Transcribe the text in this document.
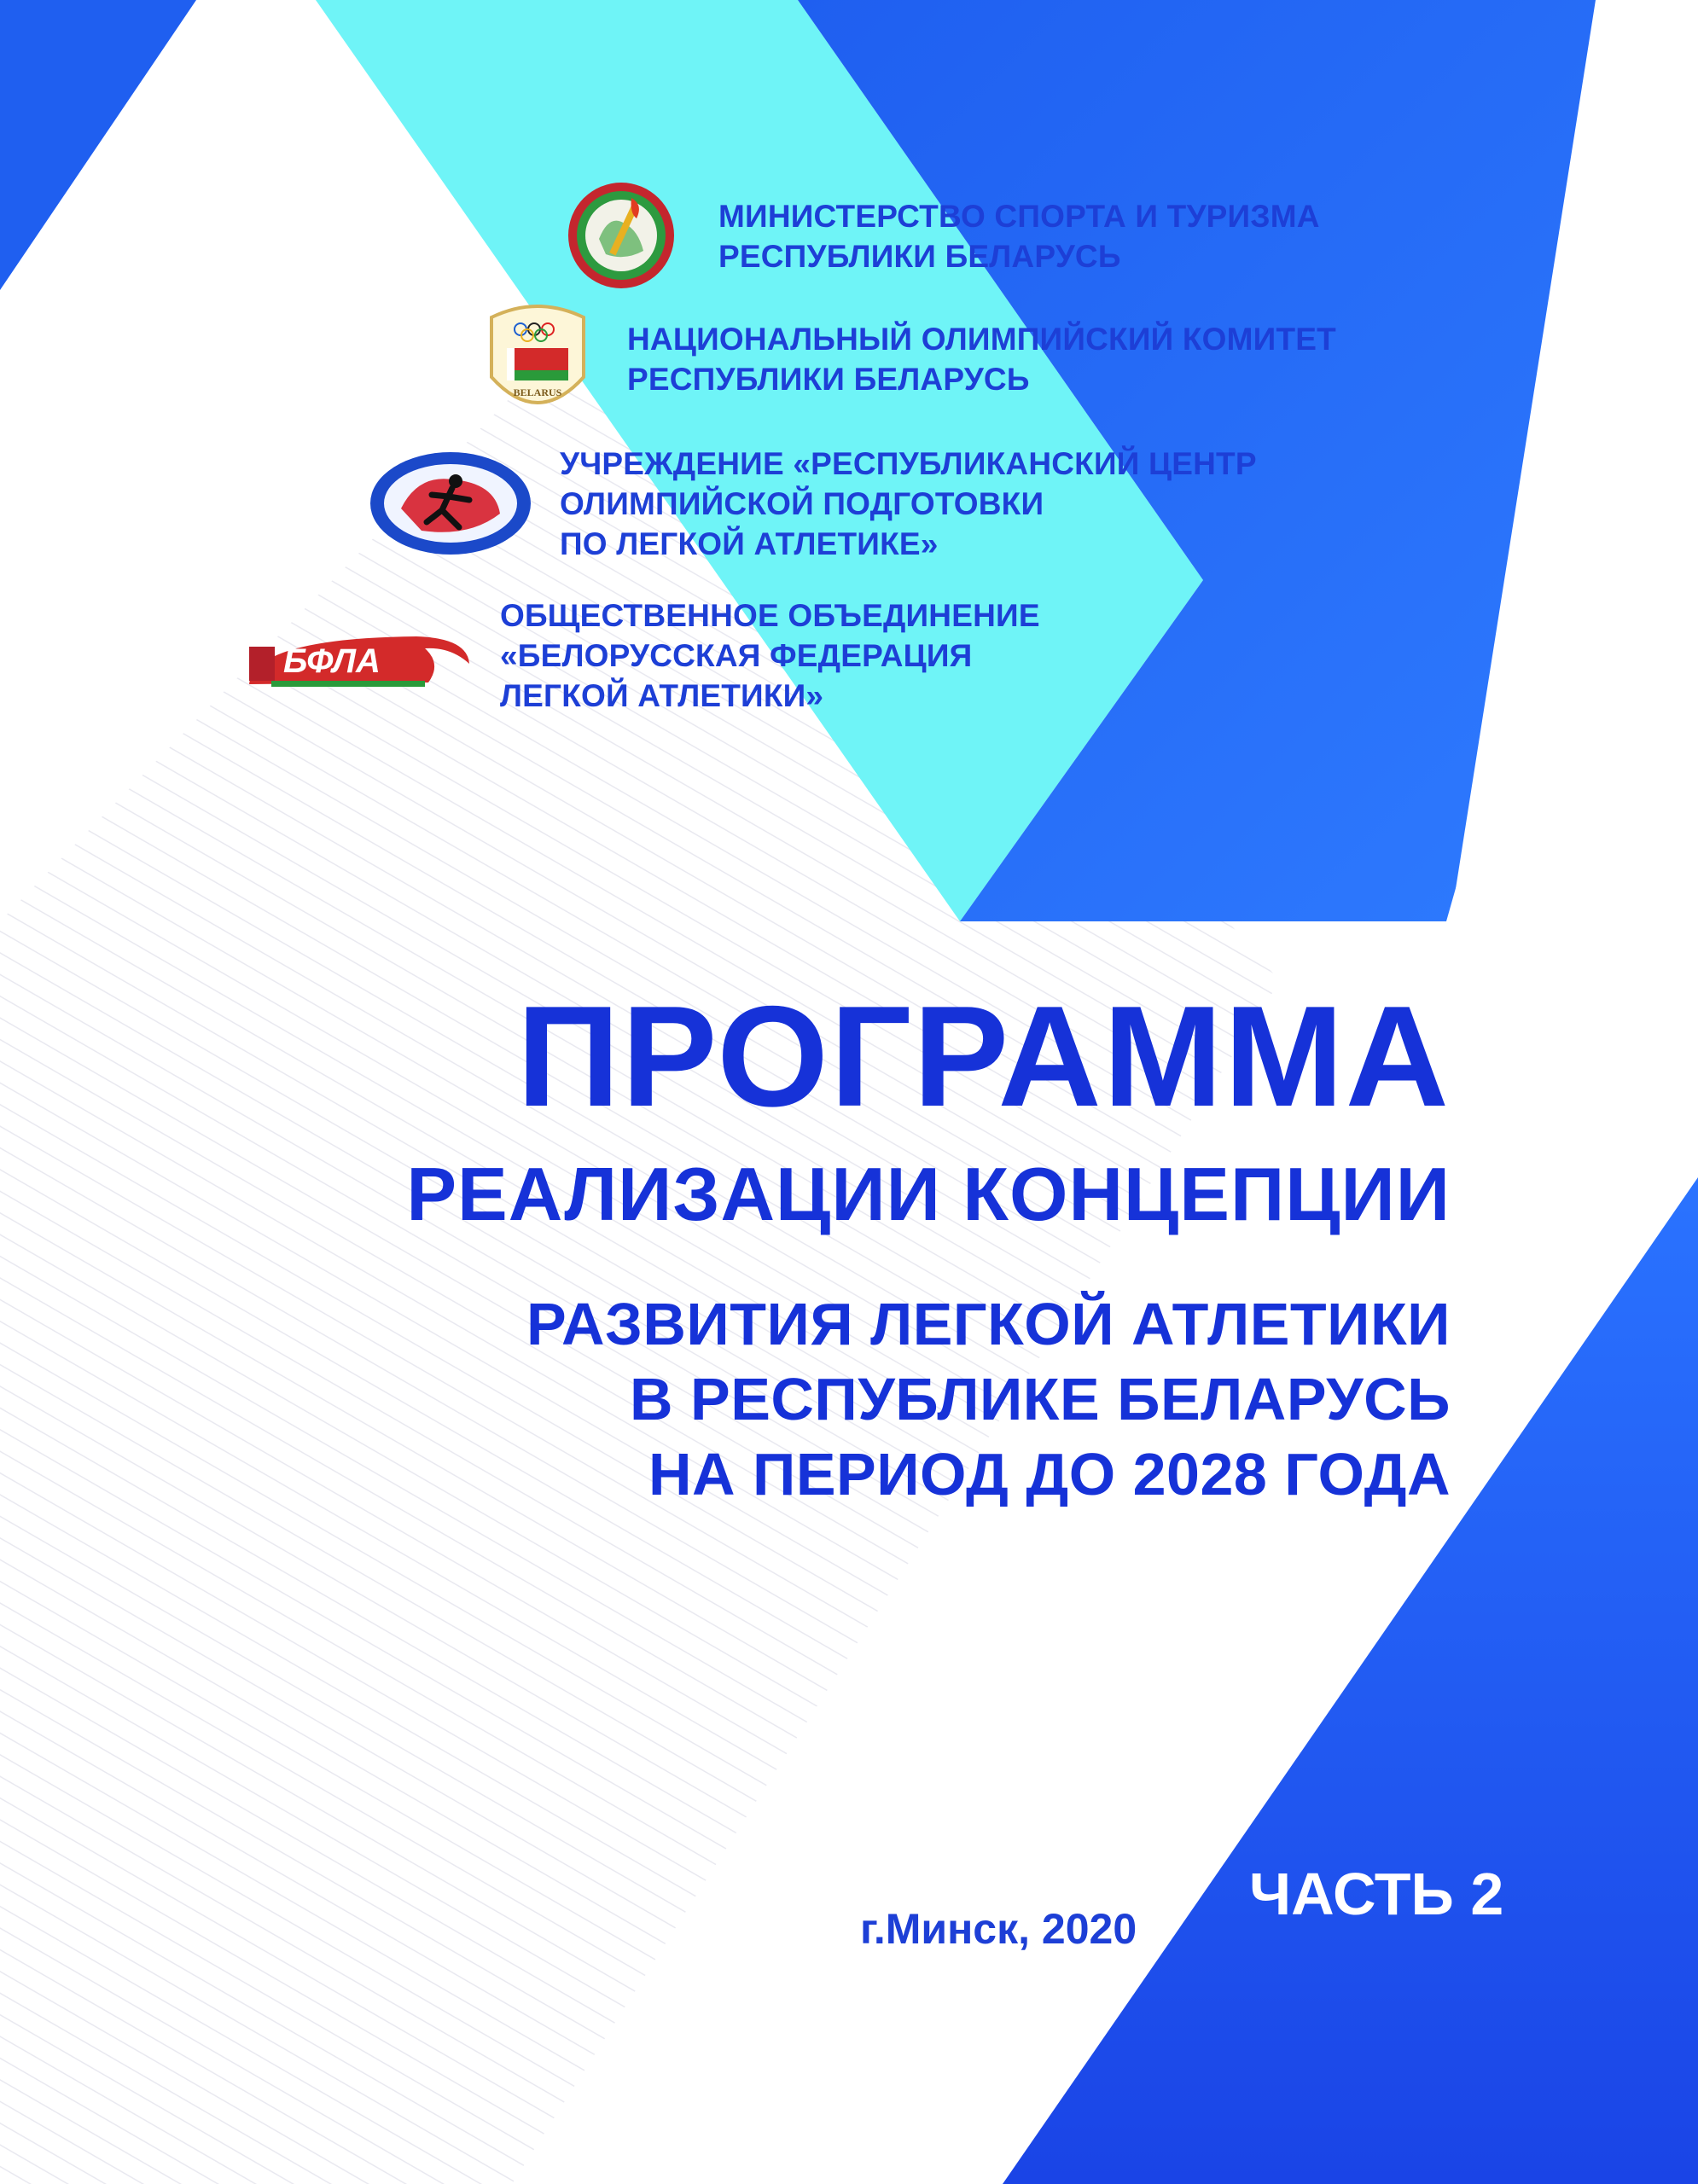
МИНИСТЕРСТВО СПОРТА И ТУРИЗМА
РЕСПУБЛИКИ БЕЛАРУСЬ
BELARUS
НАЦИОНАЛЬНЫЙ ОЛИМПИЙСКИЙ КОМИТЕТ
РЕСПУБЛИКИ БЕЛАРУСЬ
УЧРЕЖДЕНИЕ «РЕСПУБЛИКАНСКИЙ ЦЕНТР
ОЛИМПИЙСКОЙ ПОДГОТОВКИ
ПО ЛЕГКОЙ АТЛЕТИКЕ»
БФЛА
ОБЩЕСТВЕННОЕ ОБЪЕДИНЕНИЕ
«БЕЛОРУССКАЯ ФЕДЕРАЦИЯ
ЛЕГКОЙ АТЛЕТИКИ»
ПРОГРАММА
РЕАЛИЗАЦИИ КОНЦЕПЦИИ
РАЗВИТИЯ ЛЕГКОЙ АТЛЕТИКИ
В РЕСПУБЛИКЕ БЕЛАРУСЬ
НА ПЕРИОД ДО 2028 ГОДА
г.Минск, 2020
ЧАСТЬ 2
